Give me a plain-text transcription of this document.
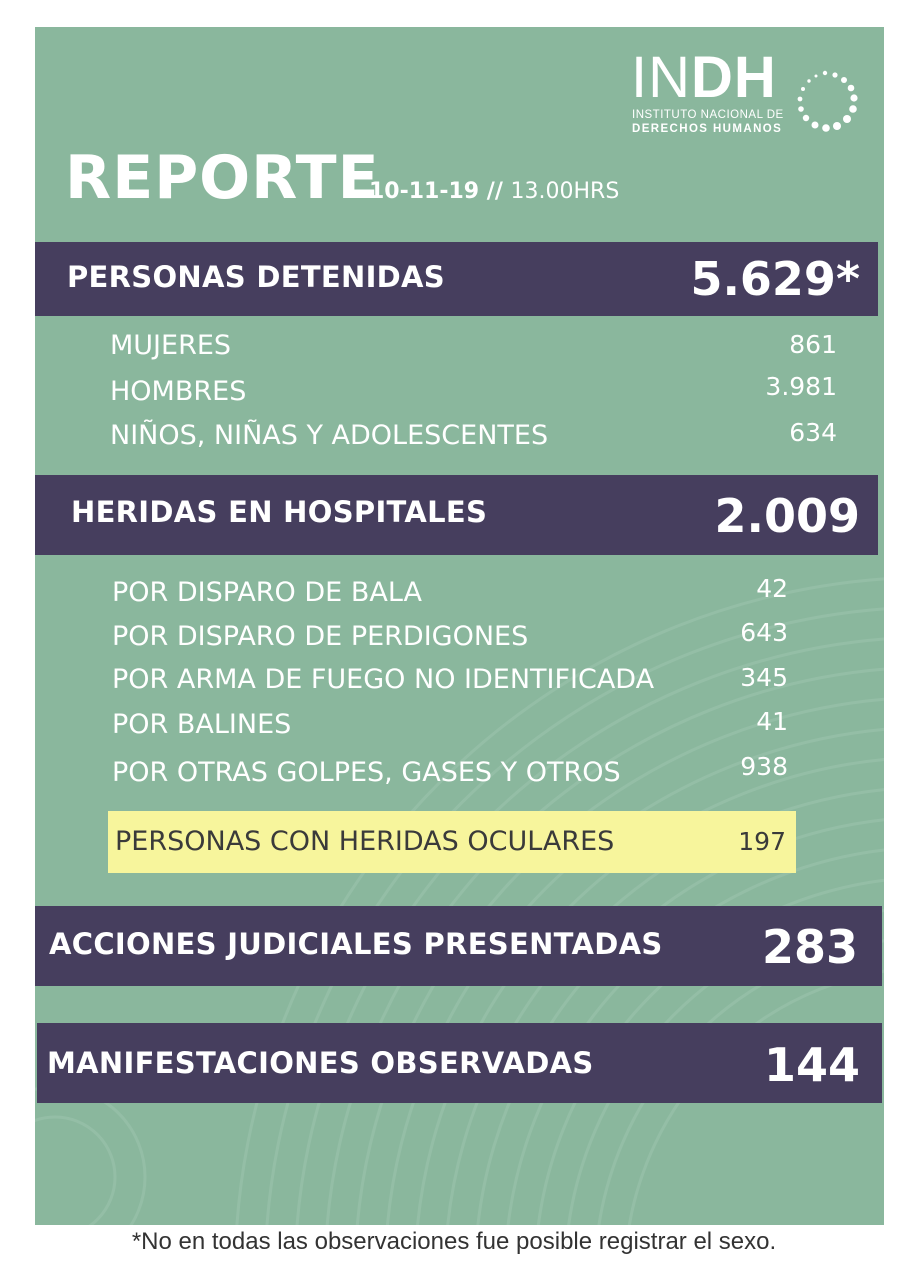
INDH
INSTITUTO NACIONAL DE
DERECHOS HUMANOS
REPORTE
10-11-19 // 13.00HRS
PERSONAS DETENIDAS	5.629*
MUJERES	861
HOMBRES	3.981
NIÑOS, NIÑAS Y ADOLESCENTES	634
HERIDAS EN HOSPITALES	2.009
POR DISPARO DE BALA	42
POR DISPARO DE PERDIGONES	643
POR ARMA DE FUEGO NO IDENTIFICADA	345
POR BALINES	41
POR OTRAS GOLPES, GASES Y OTROS	938
PERSONAS CON HERIDAS OCULARES	197
ACCIONES JUDICIALES PRESENTADAS 283
MANIFESTACIONES OBSERVADAS	144
*No en todas las observaciones fue posible registrar el sexo.
